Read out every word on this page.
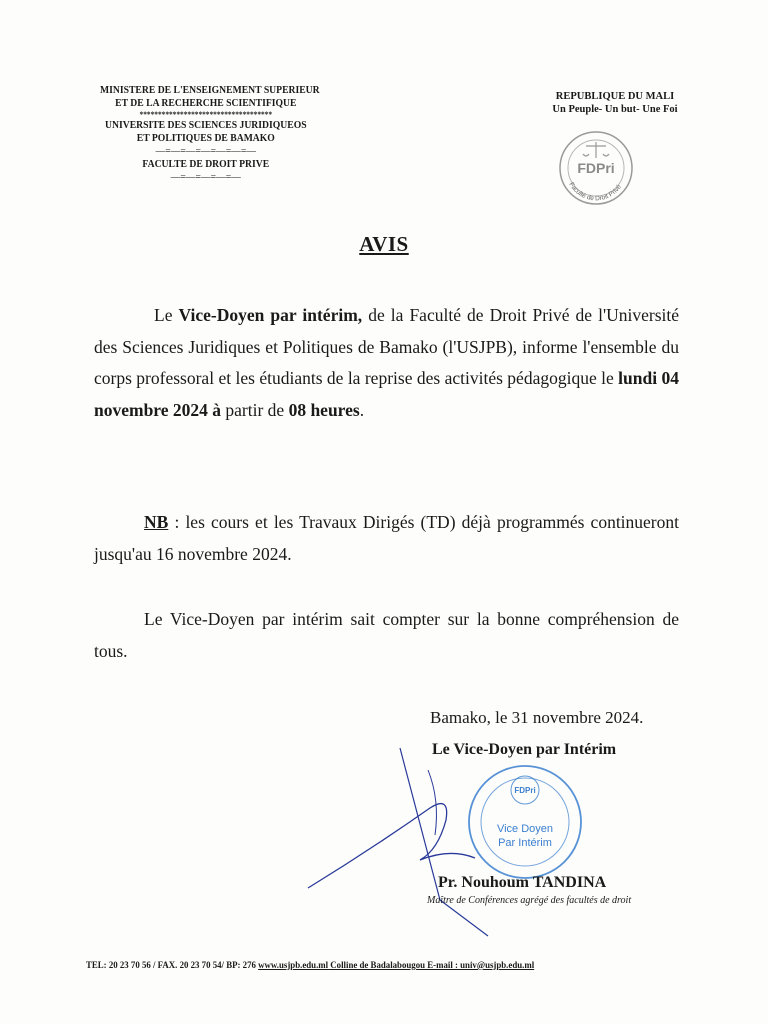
MINISTERE DE L'ENSEIGNEMENT SUPERIEUR
ET DE LA RECHERCHE SCIENTIFIQUE
************************************
UNIVERSITE DES SCIENCES JURIDIQUEOS
ET POLITIQUES DE BAMAKO
—=—=—=—=—=—=—
FACULTE DE DROIT PRIVE
—=—=—=—=—
REPUBLIQUE DU MALI
Un Peuple- Un but- Une Foi
FDPri
Faculté de Droit Privé
AVIS
Le Vice-Doyen par intérim, de la Faculté de Droit Privé de l'Université des Sciences Juridiques et Politiques de Bamako (l'USJPB), informe l'ensemble du corps professoral et les étudiants de la reprise des activités pédagogique le lundi 04 novembre 2024 à partir de 08 heures.
NB : les cours et les Travaux Dirigés (TD) déjà programmés continueront jusqu'au 16 novembre 2024.
Le Vice-Doyen par intérim sait compter sur la bonne compréhension de tous.
Bamako, le 31 novembre 2024.
Le Vice-Doyen par Intérim
FDPri
Vice Doyen
Par Intérim
Pr. Nouhoum TANDINA
Maître de Conférences agrégé des facultés de droit
TEL: 20 23 70 56 / FAX. 20 23 70 54/ BP: 276 www.usjpb.edu.ml Colline de Badalabougou E-mail : univ@usjpb.edu.ml
